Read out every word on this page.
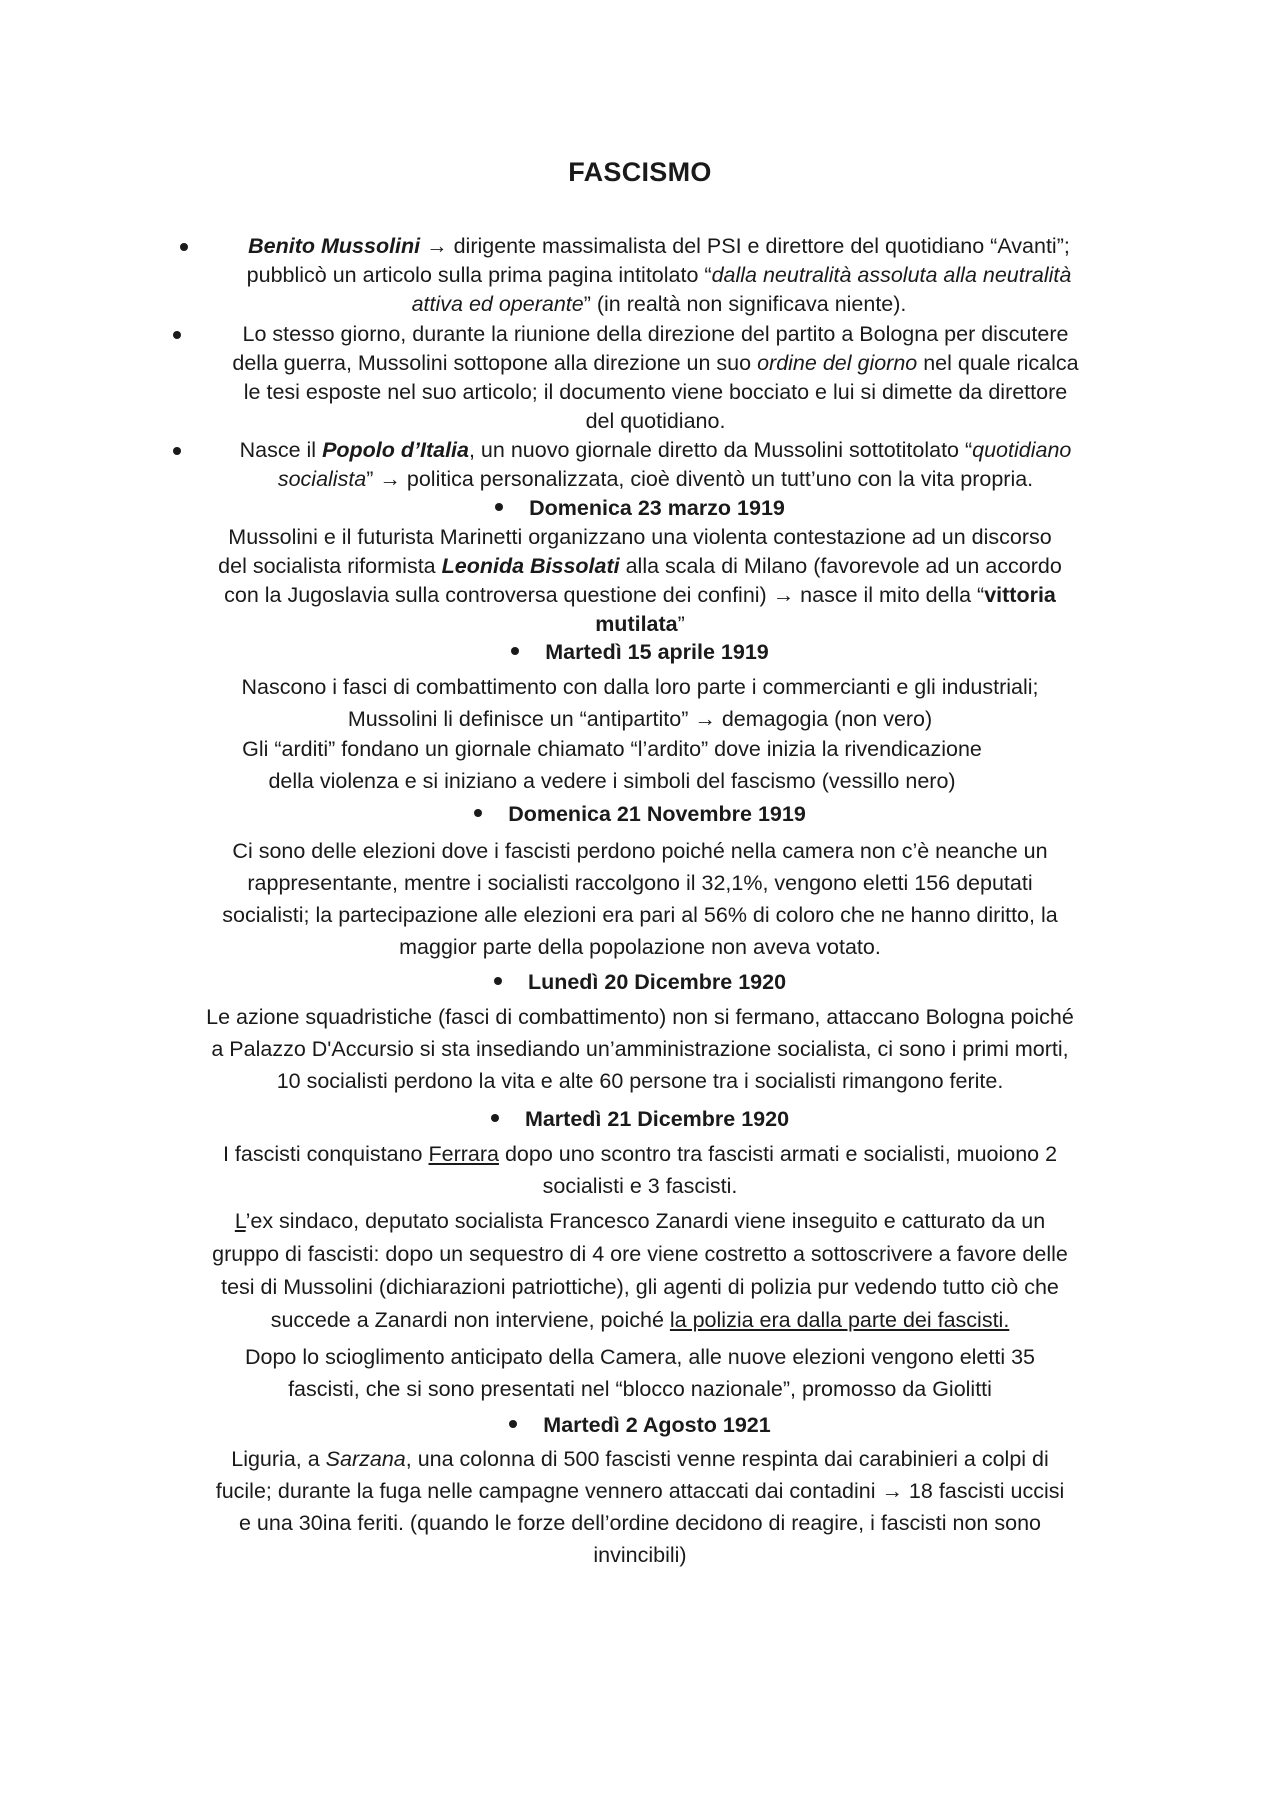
FASCISMO
Benito Mussolini → dirigente massimalista del PSI e direttore del quotidiano “Avanti”;
pubblicò un articolo sulla prima pagina intitolato “dalla neutralità assoluta alla neutralità
attiva ed operante” (in realtà non significava niente).
Lo stesso giorno, durante la riunione della direzione del partito a Bologna per discutere
della guerra, Mussolini sottopone alla direzione un suo ordine del giorno nel quale ricalca
le tesi esposte nel suo articolo; il documento viene bocciato e lui si dimette da direttore
del quotidiano.
Nasce il Popolo d’Italia, un nuovo giornale diretto da Mussolini sottotitolato “quotidiano
socialista” → politica personalizzata, cioè diventò un tutt’uno con la vita propria.
Domenica 23 marzo 1919
Mussolini e il futurista Marinetti organizzano una violenta contestazione ad un discorso
del socialista riformista Leonida Bissolati alla scala di Milano (favorevole ad un accordo
con la Jugoslavia sulla controversa questione dei confini) → nasce il mito della “vittoria
mutilata”
Martedì 15 aprile 1919
Nascono i fasci di combattimento con dalla loro parte i commercianti e gli industriali;
Mussolini li definisce un “antipartito” → demagogia (non vero)
Gli “arditi” fondano un giornale chiamato “l’ardito” dove inizia la rivendicazione
della violenza e si iniziano a vedere i simboli del fascismo (vessillo nero)
Domenica 21 Novembre 1919
Ci sono delle elezioni dove i fascisti perdono poiché nella camera non c’è neanche un
rappresentante, mentre i socialisti raccolgono il 32,1%, vengono eletti 156 deputati
socialisti; la partecipazione alle elezioni era pari al 56% di coloro che ne hanno diritto, la
maggior parte della popolazione non aveva votato.
Lunedì 20 Dicembre 1920
Le azione squadristiche (fasci di combattimento) non si fermano, attaccano Bologna poiché
a Palazzo D'Accursio si sta insediando un’amministrazione socialista, ci sono i primi morti,
10 socialisti perdono la vita e alte 60 persone tra i socialisti rimangono ferite.
Martedì 21 Dicembre 1920
I fascisti conquistano Ferrara dopo uno scontro tra fascisti armati e socialisti, muoiono 2
socialisti e 3 fascisti.
L’ex sindaco, deputato socialista Francesco Zanardi viene inseguito e catturato da un
gruppo di fascisti: dopo un sequestro di 4 ore viene costretto a sottoscrivere a favore delle
tesi di Mussolini (dichiarazioni patriottiche), gli agenti di polizia pur vedendo tutto ciò che
succede a Zanardi non interviene, poiché la polizia era dalla parte dei fascisti.
Dopo lo scioglimento anticipato della Camera, alle nuove elezioni vengono eletti 35
fascisti, che si sono presentati nel “blocco nazionale”, promosso da Giolitti
Martedì 2 Agosto 1921
Liguria, a Sarzana, una colonna di 500 fascisti venne respinta dai carabinieri a colpi di
fucile; durante la fuga nelle campagne vennero attaccati dai contadini → 18 fascisti uccisi
e una 30ina feriti. (quando le forze dell’ordine decidono di reagire, i fascisti non sono
invincibili)
